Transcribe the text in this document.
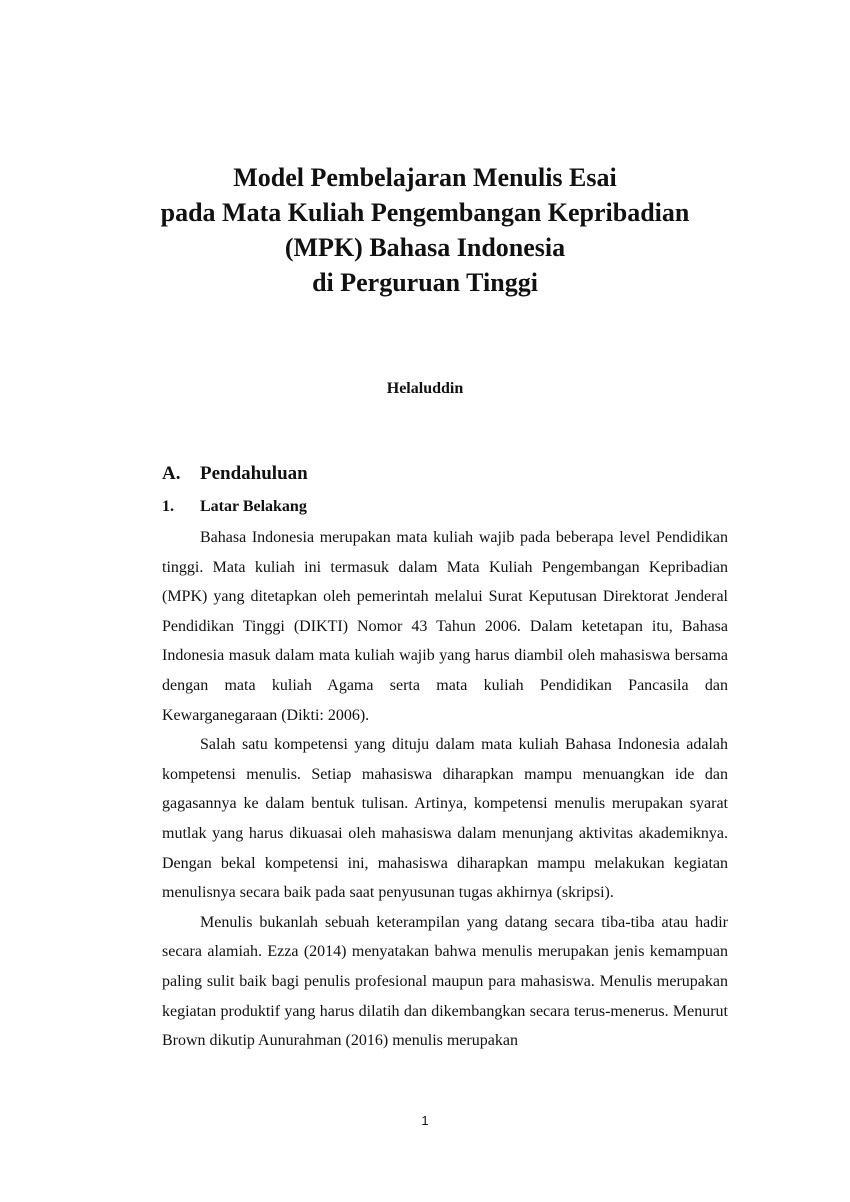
Model Pembelajaran Menulis Esai
pada Mata Kuliah Pengembangan Kepribadian
(MPK) Bahasa Indonesia
di Perguruan Tinggi
Helaluddin
A. Pendahuluan
1. Latar Belakang

Bahasa Indonesia merupakan mata kuliah wajib pada beberapa level Pendidikan tinggi. Mata kuliah ini termasuk dalam Mata Kuliah Pengembangan Kepribadian (MPK) yang ditetapkan oleh pemerintah melalui Surat Keputusan Direktorat Jenderal Pendidikan Tinggi (DIKTI) Nomor 43 Tahun 2006. Dalam ketetapan itu, Bahasa Indonesia masuk dalam mata kuliah wajib yang harus diambil oleh mahasiswa bersama dengan mata kuliah Agama serta mata kuliah Pendidikan Pancasila dan Kewarganegaraan (Dikti: 2006).

Salah satu kompetensi yang dituju dalam mata kuliah Bahasa Indonesia adalah kompetensi menulis. Setiap mahasiswa diharapkan mampu menuangkan ide dan gagasannya ke dalam bentuk tulisan. Artinya, kompetensi menulis merupakan syarat mutlak yang harus dikuasai oleh mahasiswa dalam menunjang aktivitas akademiknya. Dengan bekal kompetensi ini, mahasiswa diharapkan mampu melakukan kegiatan menulisnya secara baik pada saat penyusunan tugas akhirnya (skripsi).

Menulis bukanlah sebuah keterampilan yang datang secara tiba-tiba atau hadir secara alamiah. Ezza (2014) menyatakan bahwa menulis merupakan jenis kemampuan paling sulit baik bagi penulis profesional maupun para mahasiswa. Menulis merupakan kegiatan produktif yang harus dilatih dan dikembangkan secara terus-menerus. Menurut Brown dikutip Aunurahman (2016) menulis merupakan

1
